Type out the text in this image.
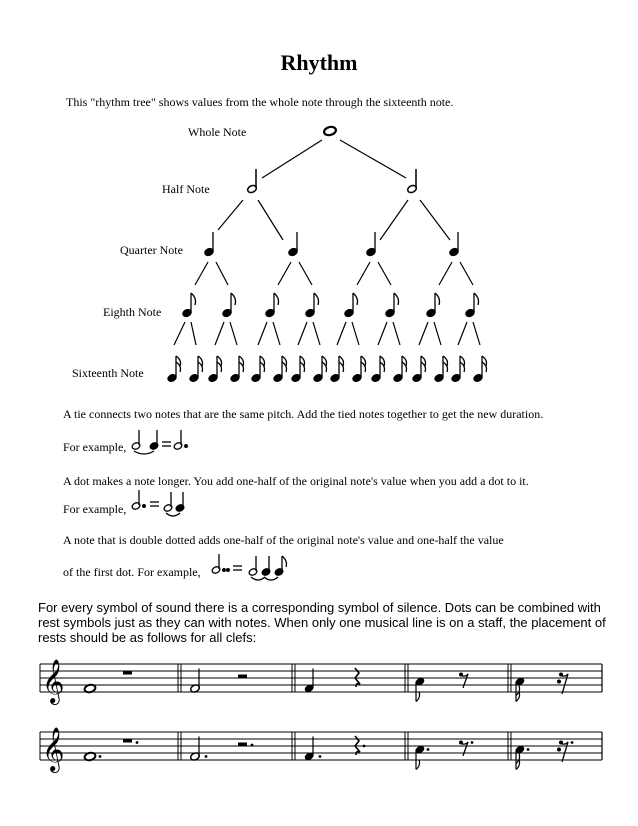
Rhythm
This "rhythm tree" shows values from the whole note through the sixteenth note.
Whole Note
Half Note
Quarter Note
Eighth Note
Sixteenth Note
A tie connects two notes that are the same pitch. Add the tied notes together to get the new duration.
For example,
A dot makes a note longer. You add one-half of the original note's value when you add a dot to it.
For example,
A note that is double dotted adds one-half of the original note's value and one-half the value
of the first dot. For example,
For every symbol of sound there is a corresponding symbol of silence. Dots can be combined with rest symbols just as they can with notes. When only one musical line is on a staff, the placement of rests should be as follows for all clefs:
𝄞
𝄞
